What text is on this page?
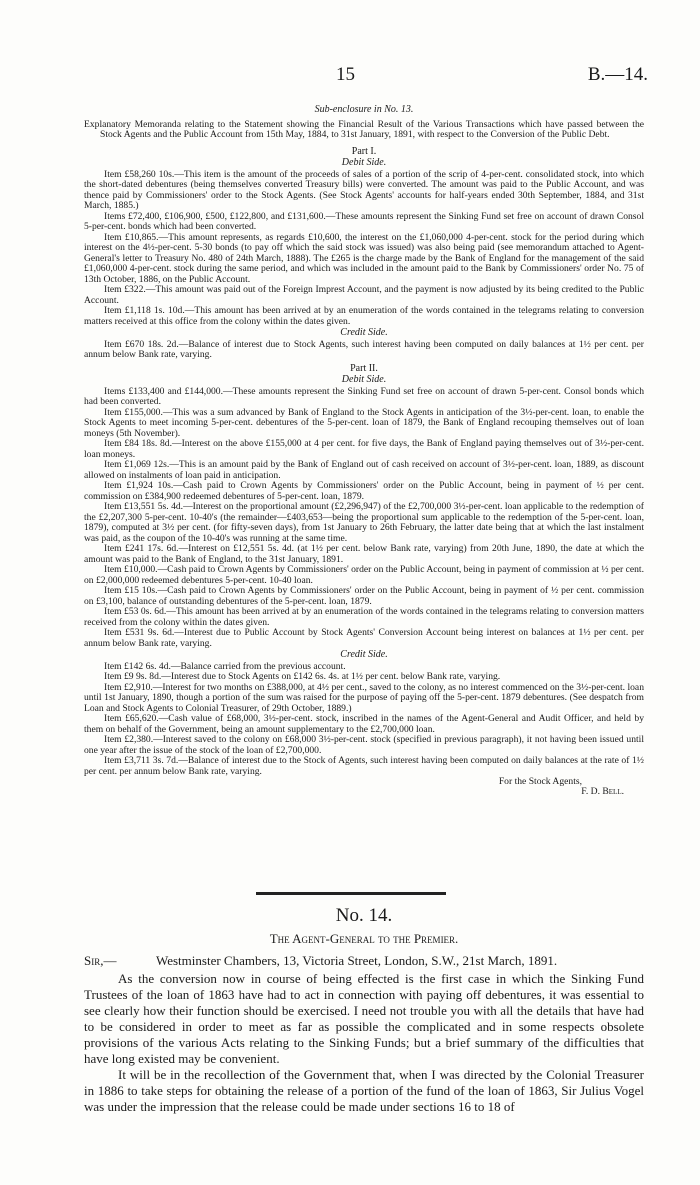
15	B.—14.
Sub-enclosure in No. 13.

Explanatory Memoranda relating to the Statement showing the Financial Result of the Various Transactions which have passed between the Stock Agents and the Public Account from 15th May, 1884, to 31st January, 1891, with respect to the Conversion of the Public Debt.

Part I.
Debit Side.

Item £58,260 10s.—This item is the amount of the proceeds of sales of a portion of the scrip of 4-per-cent. consolidated stock, into which the short-dated debentures (being themselves converted Treasury bills) were converted. The amount was paid to the Public Account, and was thence paid by Commissioners' order to the Stock Agents. (See Stock Agents' accounts for half-years ended 30th September, 1884, and 31st March, 1885.)

Items £72,400, £106,900, £500, £122,800, and £131,600.—These amounts represent the Sinking Fund set free on account of drawn Consol 5-per-cent. bonds which had been converted.

Item £10,865.—This amount represents, as regards £10,600, the interest on the £1,060,000 4-per-cent. stock for the period during which interest on the 4½-per-cent. 5-30 bonds (to pay off which the said stock was issued) was also being paid (see memorandum attached to Agent-General's letter to Treasury No. 480 of 24th March, 1888). The £265 is the charge made by the Bank of England for the management of the said £1,060,000 4-per-cent. stock during the same period, and which was included in the amount paid to the Bank by Commissioners' order No. 75 of 13th October, 1886, on the Public Account.

Item £322.—This amount was paid out of the Foreign Imprest Account, and the payment is now adjusted by its being credited to the Public Account.

Item £1,118 1s. 10d.—This amount has been arrived at by an enumeration of the words contained in the telegrams relating to conversion matters received at this office from the colony within the dates given.

Credit Side.

Item £670 18s. 2d.—Balance of interest due to Stock Agents, such interest having been computed on daily balances at 1½ per cent. per annum below Bank rate, varying.

Part II.
Debit Side.

Items £133,400 and £144,000.—These amounts represent the Sinking Fund set free on account of drawn 5-per-cent. Consol bonds which had been converted.

Item £155,000.—This was a sum advanced by Bank of England to the Stock Agents in anticipation of the 3½-per-cent. loan, to enable the Stock Agents to meet incoming 5-per-cent. debentures of the 5-per-cent. loan of 1879, the Bank of England recouping themselves out of loan moneys (5th November).

Item £84 18s. 8d.—Interest on the above £155,000 at 4 per cent. for five days, the Bank of England paying themselves out of 3½-per-cent. loan moneys.

Item £1,069 12s.—This is an amount paid by the Bank of England out of cash received on account of 3½-per-cent. loan, 1889, as discount allowed on instalments of loan paid in anticipation.

Item £1,924 10s.—Cash paid to Crown Agents by Commissioners' order on the Public Account, being in payment of ½ per cent. commission on £384,900 redeemed debentures of 5-per-cent. loan, 1879.

Item £13,551 5s. 4d.—Interest on the proportional amount (£2,296,947) of the £2,700,000 3½-per-cent. loan applicable to the redemption of the £2,207,300 5-per-cent. 10-40's (the remainder—£403,653—being the proportional sum applicable to the redemption of the 5-per-cent. loan, 1879), computed at 3½ per cent. (for fifty-seven days), from 1st January to 26th February, the latter date being that at which the last instalment was paid, as the coupon of the 10-40's was running at the same time.

Item £241 17s. 6d.—Interest on £12,551 5s. 4d. (at 1½ per cent. below Bank rate, varying) from 20th June, 1890, the date at which the amount was paid to the Bank of England, to the 31st January, 1891.

Item £10,000.—Cash paid to Crown Agents by Commissioners' order on the Public Account, being in payment of commission at ½ per cent. on £2,000,000 redeemed debentures 5-per-cent. 10-40 loan.

Item £15 10s.—Cash paid to Crown Agents by Commissioners' order on the Public Account, being in payment of ½ per cent. commission on £3,100, balance of outstanding debentures of the 5-per-cent. loan, 1879.

Item £53 0s. 6d.—This amount has been arrived at by an enumeration of the words contained in the telegrams relating to conversion matters received from the colony within the dates given.

Item £531 9s. 6d.—Interest due to Public Account by Stock Agents' Conversion Account being interest on balances at 1½ per cent. per annum below Bank rate, varying.

Credit Side.

Item £142 6s. 4d.—Balance carried from the previous account.

Item £9 9s. 8d.—Interest due to Stock Agents on £142 6s. 4s. at 1½ per cent. below Bank rate, varying.

Item £2,910.—Interest for two months on £388,000, at 4½ per cent., saved to the colony, as no interest commenced on the 3½-per-cent. loan until 1st January, 1890, though a portion of the sum was raised for the purpose of paying off the 5-per-cent. 1879 debentures. (See despatch from Loan and Stock Agents to Colonial Treasurer, of 29th October, 1889.)

Item £65,620.—Cash value of £68,000, 3½-per-cent. stock, inscribed in the names of the Agent-General and Audit Officer, and held by them on behalf of the Government, being an amount supplementary to the £2,700,000 loan.

Item £2,380.—Interest saved to the colony on £68,000 3½-per-cent. stock (specified in previous paragraph), it not having been issued until one year after the issue of the stock of the loan of £2,700,000.

Item £3,711 3s. 7d.—Balance of interest due to the Stock of Agents, such interest having been computed on daily balances at the rate of 1½ per cent. per annum below Bank rate, varying.

For the Stock Agents,
F. D. Bell.
No. 14.
The Agent-General to the Premier.
Sir,—	Westminster Chambers, 13, Victoria Street, London, S.W., 21st March, 1891.

As the conversion now in course of being effected is the first case in which the Sinking Fund Trustees of the loan of 1863 have had to act in connection with paying off debentures, it was essential to see clearly how their function should be exercised. I need not trouble you with all the details that have had to be considered in order to meet as far as possible the complicated and in some respects obsolete provisions of the various Acts relating to the Sinking Funds; but a brief summary of the difficulties that have long existed may be convenient.

It will be in the recollection of the Government that, when I was directed by the Colonial Treasurer in 1886 to take steps for obtaining the release of a portion of the fund of the loan of 1863, Sir Julius Vogel was under the impression that the release could be made under sections 16 to 18 of
